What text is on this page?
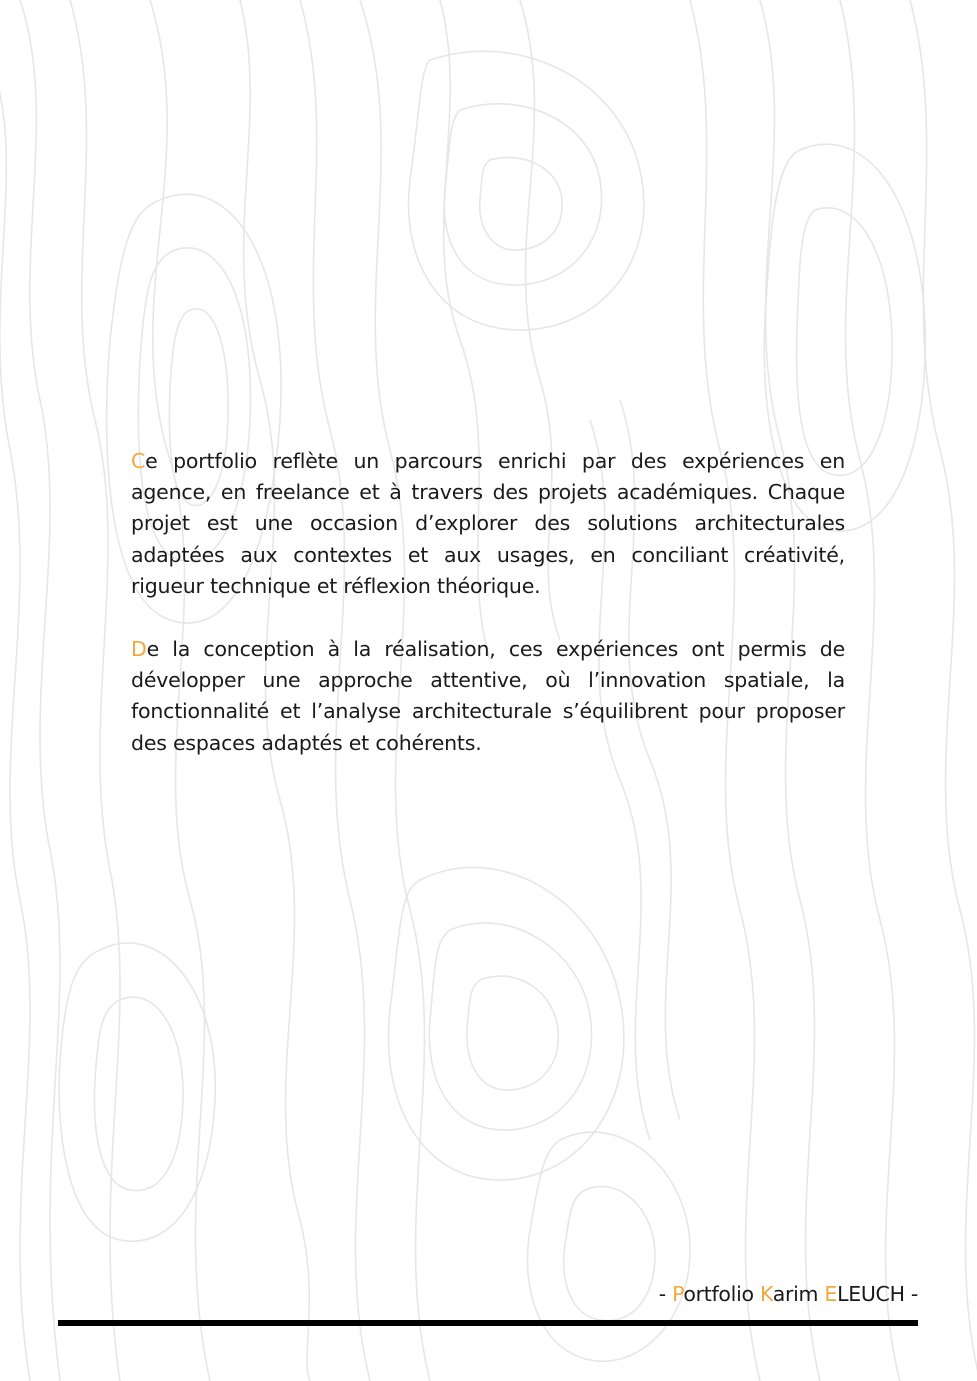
Ce portfolio reflète un parcours enrichi par des expériences en agence, en freelance et à travers des projets académiques. Chaque projet est une occasion d’explorer des solutions architecturales adaptées aux contextes et aux usages, en conciliant créativité, rigueur technique et réflexion théorique.

De la conception à la réalisation, ces expériences ont permis de développer une approche attentive, où l’innovation spatiale, la fonctionnalité et l’analyse architecturale s’équilibrent pour proposer des espaces adaptés et cohérents.

- Portfolio Karim ELEUCH -
